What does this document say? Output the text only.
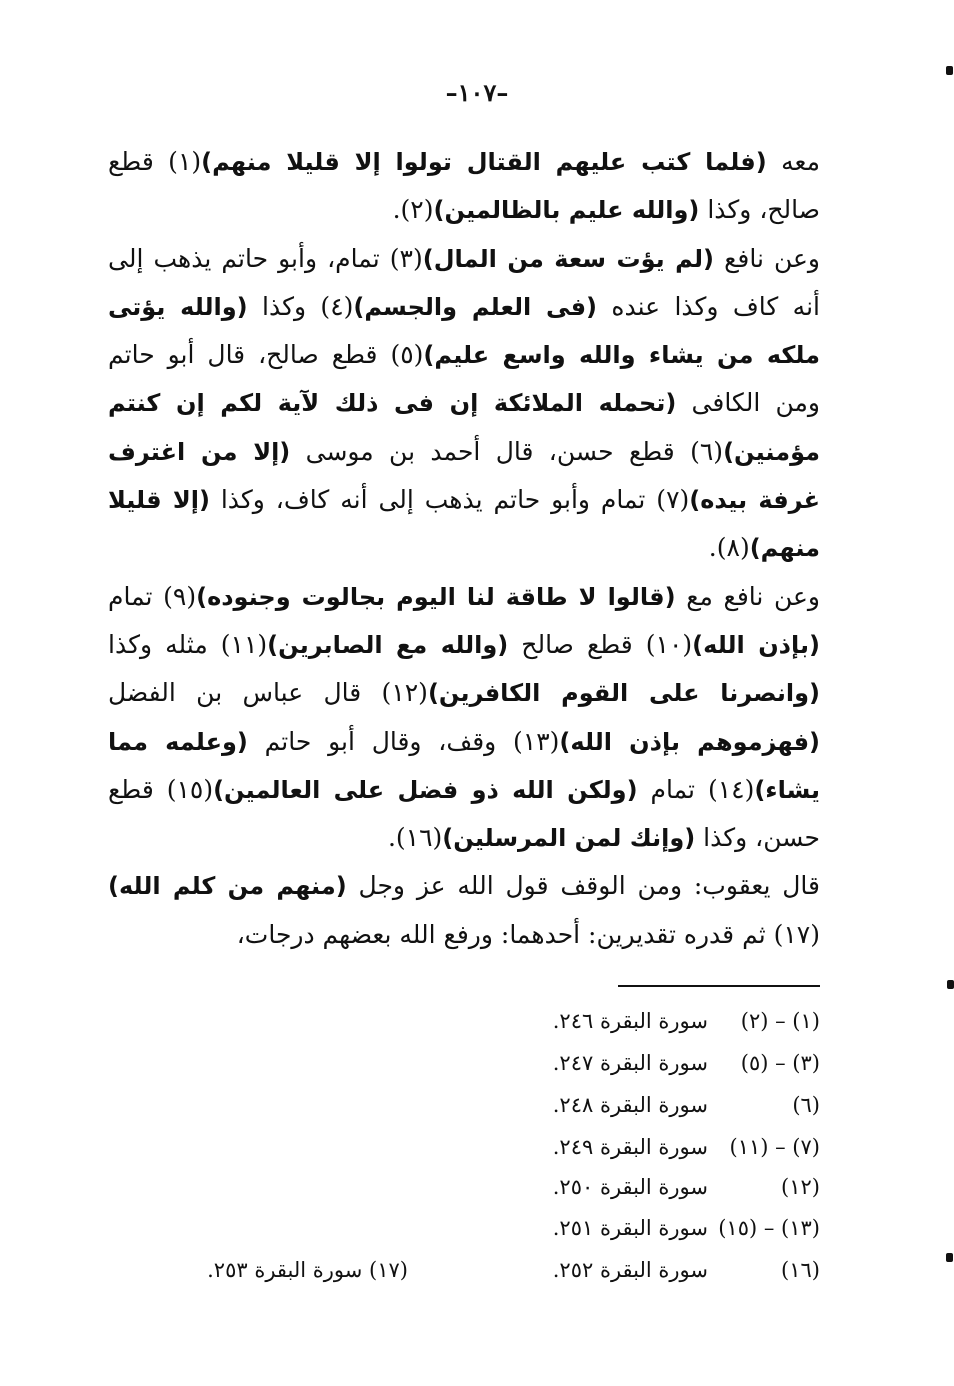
–١٠٧–

معه (فلما كتب عليهم القتال تولوا إلا قليلا منهم)(١) قطع صالح، وكذا (والله عليم بالظالمين)(٢).

وعن نافع (لم يؤت سعة من المال)(٣) تمام، وأبو حاتم يذهب إلى أنه كاف وكذا عنده (فى العلم والجسم)(٤) وكذا (والله يؤتى ملكه من يشاء والله واسع عليم)(٥) قطع صالح، قال أبو حاتم ومن الكافى (تحمله الملائكة إن فى ذلك لآية لكم إن كنتم مؤمنين)(٦) قطع حسن، قال أحمد بن موسى (إلا من اغترف غرفة بيده)(٧) تمام وأبو حاتم يذهب إلى أنه كاف، وكذا (إلا قليلا منهم)(٨).

وعن نافع مع (قالوا لا طاقة لنا اليوم بجالوت وجنوده)(٩) تمام (بإذن الله)(١٠) قطع صالح (والله مع الصابرين)(١١) مثله وكذا (وانصرنا على القوم الكافرين)(١٢) قال عباس بن الفضل (فهزموهم بإذن الله)(١٣) وقف، وقال أبو حاتم (وعلمه مما يشاء)(١٤) تمام (ولكن الله ذو فضل على العالمين)(١٥) قطع حسن، وكذا (وإنك لمن المرسلين)(١٦).

قال يعقوب: ومن الوقف قول الله عز وجل (منهم من كلم الله)(١٧) ثم قدره تقديرين: أحدهما: ورفع الله بعضهم درجات،

(١) – (٢)سورة البقرة ٢٤٦.
(٣) – (٥)سورة البقرة ٢٤٧.
(٦)سورة البقرة ٢٤٨.
(٧) – (١١)سورة البقرة ٢٤٩.
(١٢)سورة البقرة ٢٥٠.
(١٣) – (١٥)سورة البقرة ٢٥١.
(١٦)سورة البقرة ٢٥٢.
(١٧) سورة البقرة ٢٥٣.
